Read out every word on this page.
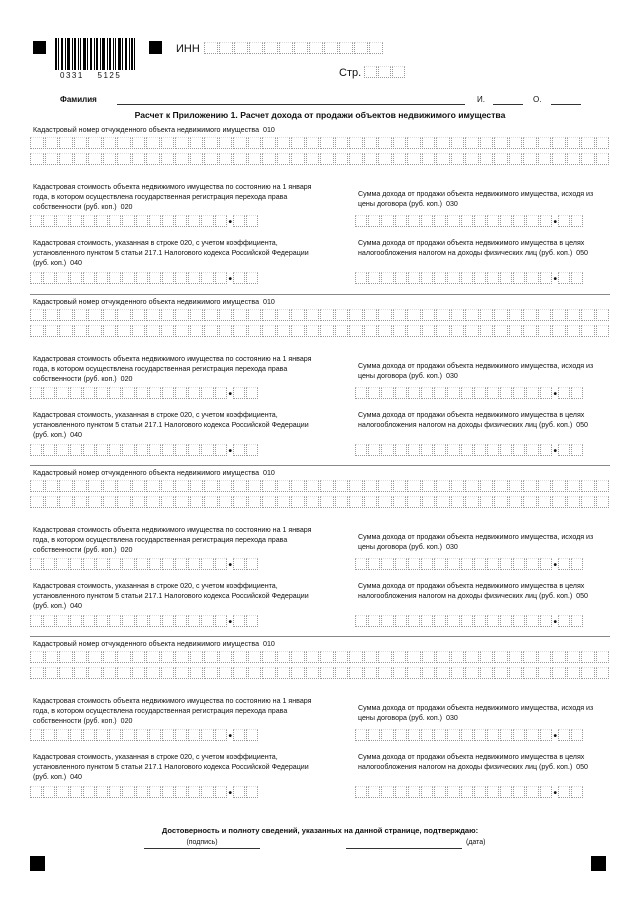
0331 5125
ИНН
Стр.
Фамилия	И.	О.
Расчет к Приложению 1. Расчет дохода от продажи объектов недвижимого имущества
Кадастровый номер отчужденного объекта недвижимого имущества 010
Кадастровая стоимость объекта недвижимого имущества по состоянию на 1 января года, в котором осуществлена государственная регистрация перехода права собственности (руб. коп.) 020
•
Сумма дохода от продажи объекта недвижимого имущества, исходя из цены договора (руб. коп.) 030
•
Кадастровая стоимость, указанная в строке 020, с учетом коэффициента, установленного пунктом 5 статьи 217.1 Налогового кодекса Российской Федерации (руб. коп.) 040
•
Сумма дохода от продажи объекта недвижимого имущества в целях налогообложения налогом на доходы физических лиц (руб. коп.) 050
•
Кадастровый номер отчужденного объекта недвижимого имущества 010
Кадастровая стоимость объекта недвижимого имущества по состоянию на 1 января года, в котором осуществлена государственная регистрация перехода права собственности (руб. коп.) 020
•
Сумма дохода от продажи объекта недвижимого имущества, исходя из цены договора (руб. коп.) 030
•
Кадастровая стоимость, указанная в строке 020, с учетом коэффициента, установленного пунктом 5 статьи 217.1 Налогового кодекса Российской Федерации (руб. коп.) 040
•
Сумма дохода от продажи объекта недвижимого имущества в целях налогообложения налогом на доходы физических лиц (руб. коп.) 050
•
Кадастровый номер отчужденного объекта недвижимого имущества 010
Кадастровая стоимость объекта недвижимого имущества по состоянию на 1 января года, в котором осуществлена государственная регистрация перехода права собственности (руб. коп.) 020
•
Сумма дохода от продажи объекта недвижимого имущества, исходя из цены договора (руб. коп.) 030
•
Кадастровая стоимость, указанная в строке 020, с учетом коэффициента, установленного пунктом 5 статьи 217.1 Налогового кодекса Российской Федерации (руб. коп.) 040
•
Сумма дохода от продажи объекта недвижимого имущества в целях налогообложения налогом на доходы физических лиц (руб. коп.) 050
•
Кадастровый номер отчужденного объекта недвижимого имущества 010
Кадастровая стоимость объекта недвижимого имущества по состоянию на 1 января года, в котором осуществлена государственная регистрация перехода права собственности (руб. коп.) 020
•
Сумма дохода от продажи объекта недвижимого имущества, исходя из цены договора (руб. коп.) 030
•
Кадастровая стоимость, указанная в строке 020, с учетом коэффициента, установленного пунктом 5 статьи 217.1 Налогового кодекса Российской Федерации (руб. коп.) 040
•
Сумма дохода от продажи объекта недвижимого имущества в целях налогообложения налогом на доходы физических лиц (руб. коп.) 050
•
Достоверность и полноту сведений, указанных на данной странице, подтверждаю:
(подпись)	(дата)
